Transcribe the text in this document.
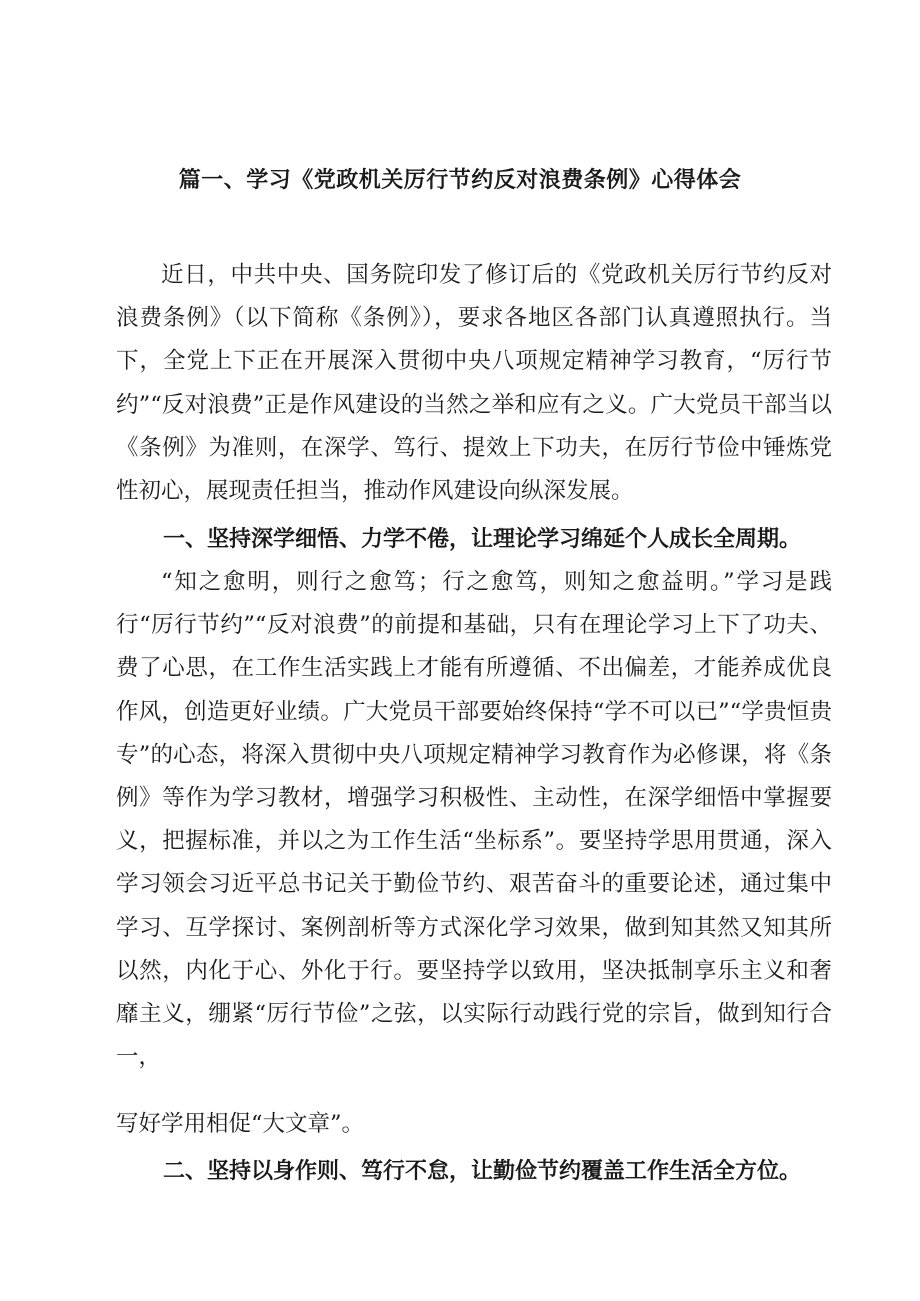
篇一、学习《党政机关厉行节约反对浪费条例》心得体会

近日，中共中央、国务院印发了修订后的《党政机关厉行节约反对浪费条例》（以下简称《条例》），要求各地区各部门认真遵照执行。当下，全党上下正在开展深入贯彻中央八项规定精神学习教育，“厉行节约”“反对浪费”正是作风建设的当然之举和应有之义。广大党员干部当以《条例》为准则，在深学、笃行、提效上下功夫，在厉行节俭中锤炼党性初心，展现责任担当，推动作风建设向纵深发展。

一、坚持深学细悟、力学不倦，让理论学习绵延个人成长全周期。

“知之愈明，则行之愈笃；行之愈笃，则知之愈益明。”学习是践行“厉行节约”“反对浪费”的前提和基础，只有在理论学习上下了功夫、费了心思，在工作生活实践上才能有所遵循、不出偏差，才能养成优良作风，创造更好业绩。广大党员干部要始终保持“学不可以已”“学贵恒贵专”的心态，将深入贯彻中央八项规定精神学习教育作为必修课，将《条例》等作为学习教材，增强学习积极性、主动性，在深学细悟中掌握要义，把握标准，并以之为工作生活“坐标系”。要坚持学思用贯通，深入学习领会习近平总书记关于勤俭节约、艰苦奋斗的重要论述，通过集中学习、互学探讨、案例剖析等方式深化学习效果，做到知其然又知其所以然，内化于心、外化于行。要坚持学以致用，坚决抵制享乐主义和奢靡主义，绷紧“厉行节俭”之弦，以实际行动践行党的宗旨，做到知行合一，

写好学用相促“大文章”。

二、坚持以身作则、笃行不怠，让勤俭节约覆盖工作生活全方位。
